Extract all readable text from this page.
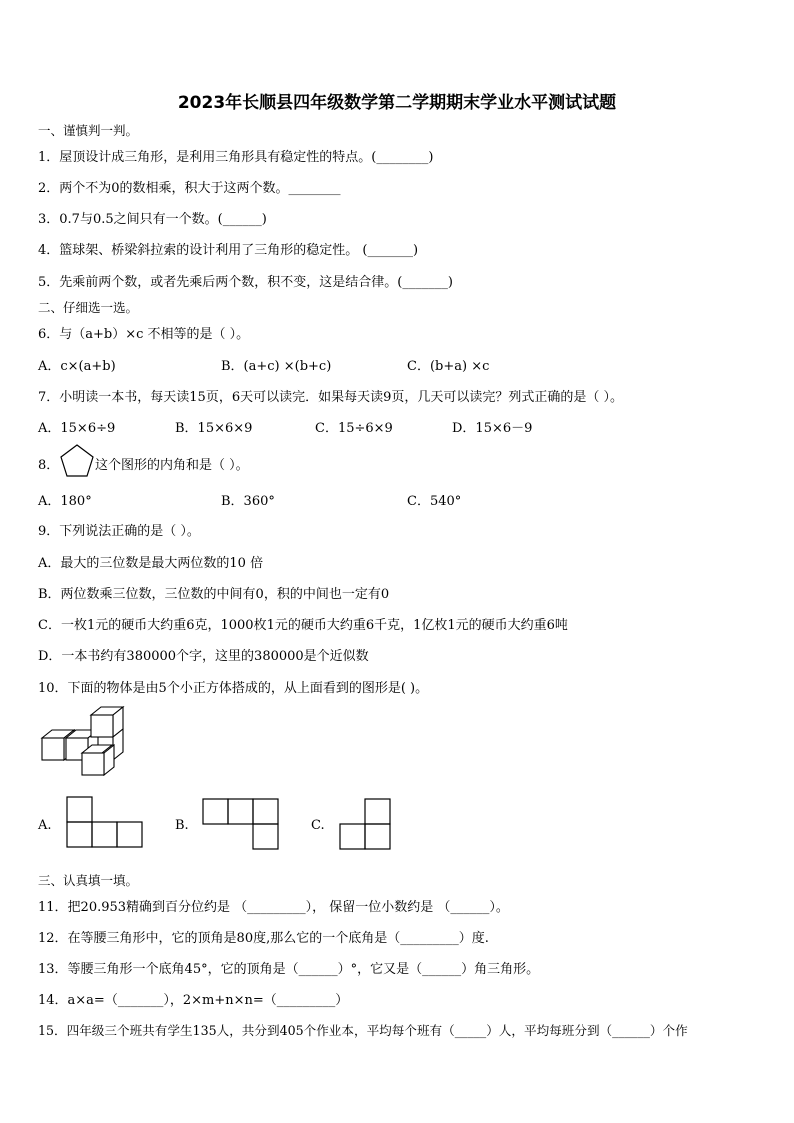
2023年长顺县四年级数学第二学期期末学业水平测试试题
一、谨慎判一判。
1．屋顶设计成三角形，是利用三角形具有稳定性的特点。(________)
2．两个不为0的数相乘，积大于这两个数。________
3．0.7与0.5之间只有一个数。(______)
4．篮球架、桥梁斜拉索的设计利用了三角形的稳定性。 (_______)
5．先乘前两个数，或者先乘后两个数，积不变，这是结合律。(_______)
二、仔细选一选。
6．与（a+b）×c 不相等的是（ ）。
A．c×(a+b)	B．(a+c) ×(b+c)	C．(b+a) ×c
7．小明读一本书，每天读15页，6天可以读完．如果每天读9页，几天可以读完？列式正确的是（ ）。
A．15×6÷9	B．15×6×9	C．15÷6×9	D．15×6－9
8．	这个图形的内角和是（ ）。
A．180°	B．360°	C．540°
9．下列说法正确的是（ ）。
A．最大的三位数是最大两位数的10 倍
B．两位数乘三位数，三位数的中间有0，积的中间也一定有0
C．一枚1元的硬币大约重6克，1000枚1元的硬币大约重6千克，1亿枚1元的硬币大约重6吨
D．一本书约有380000个字，这里的380000是个近似数
10．下面的物体是由5个小正方体搭成的，从上面看到的图形是( )。
A.	B.	C.
三、认真填一填。
11．把20.953精确到百分位约是 （_________）， 保留一位小数约是 （______）。
12．在等腰三角形中，它的顶角是80度,那么它的一个底角是（_________）度.
13．等腰三角形一个底角45°，它的顶角是（______）°，它又是（______）角三角形。
14．a×a=（_______），2×m+n×n=（_________）
15．四年级三个班共有学生135人，共分到405个作业本，平均每个班有（_____）人，平均每班分到（______）个作
